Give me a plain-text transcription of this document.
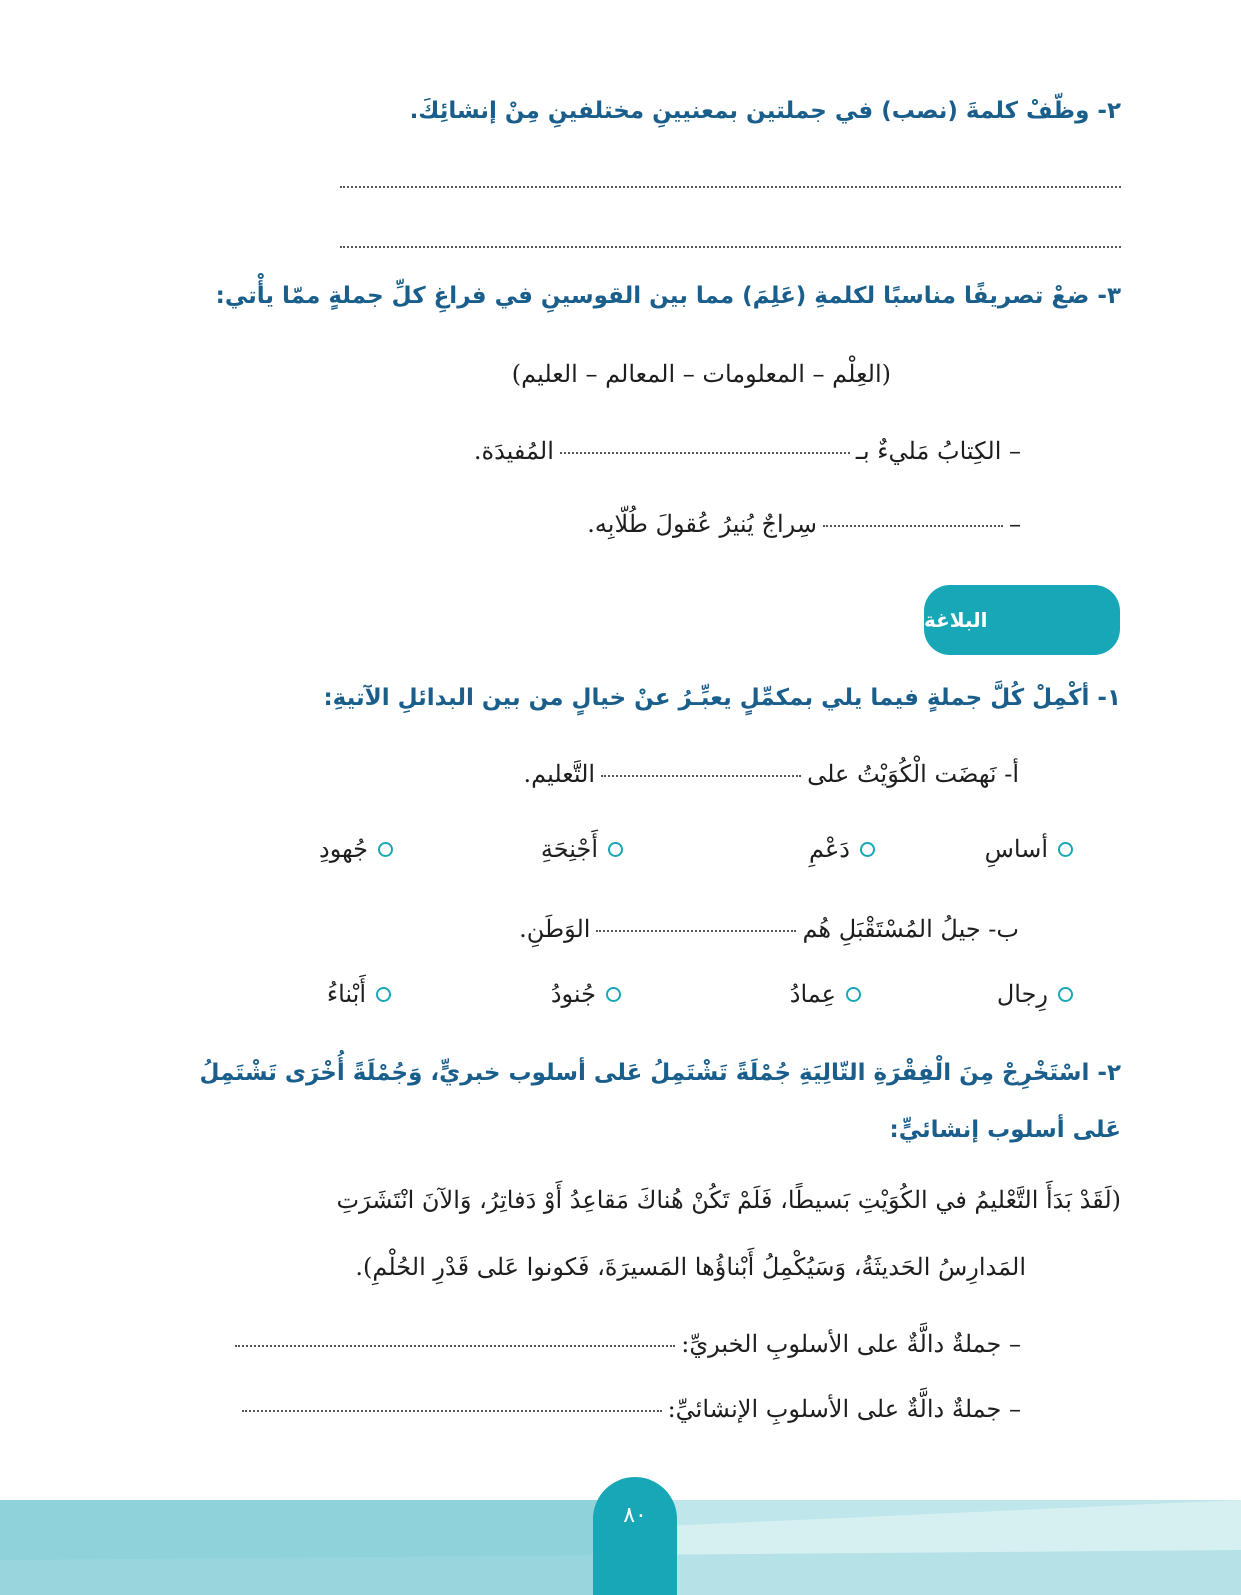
٢- وظّفْ كلمةَ (نصب) في جملتين بمعنيينِ مختلفينِ مِنْ إنشائِكَ.
٣- ضعْ تصريفًا مناسبًا لكلمةِ (عَلِمَ) مما بين القوسينِ في فراغِ كلِّ جملةٍ ممّا يأْتي:
(العِلْم – المعلومات – المعالم – العليم)
– الكِتابُ مَليءٌ بـالمُفيدَة.
–سِراجٌ يُنيرُ عُقولَ طُلّابِه.
البلاغة
١- أكْمِلْ كُلَّ جملةٍ فيما يلي بمكمِّلٍ يعبِّـرُ عنْ خيالٍ من بين البدائلِ الآتيةِ:
أ- نَهضَت الْكُوَيْتُ علىالتَّعليم.
أساسِ
دَعْمِ
أَجْنِحَةِ
جُهودِ
ب- جيلُ المُسْتَقْبَلِ هُمالوَطَنِ.
رِجال
عِمادُ
جُنودُ
أَبْناءُ
٢- اسْتَخْرِجْ مِنَ الْفِقْرَةِ التّالِيَةِ جُمْلَةً تَشْتَمِلُ عَلى أسلوب خبريٍّ، وَجُمْلَةً أُخْرَى تَشْتَمِلُ
عَلى أسلوب إنشائيٍّ:
(لَقَدْ بَدَأَ التَّعْليمُ في الكُوَيْتِ بَسيطًا، فَلَمْ تَكُنْ هُناكَ مَقاعِدُ أَوْ دَفاتِرُ، وَالآنَ انْتَشَرَتِ
المَدارِسُ الحَديثَةُ، وَسَيُكْمِلُ أَبْناؤُها المَسيرَةَ، فَكونوا عَلى قَدْرِ الحُلْمِ).
– جملةٌ دالَّةٌ على الأسلوبِ الخبريِّ:
– جملةٌ دالَّةٌ على الأسلوبِ الإنشائيِّ:
٨٠
